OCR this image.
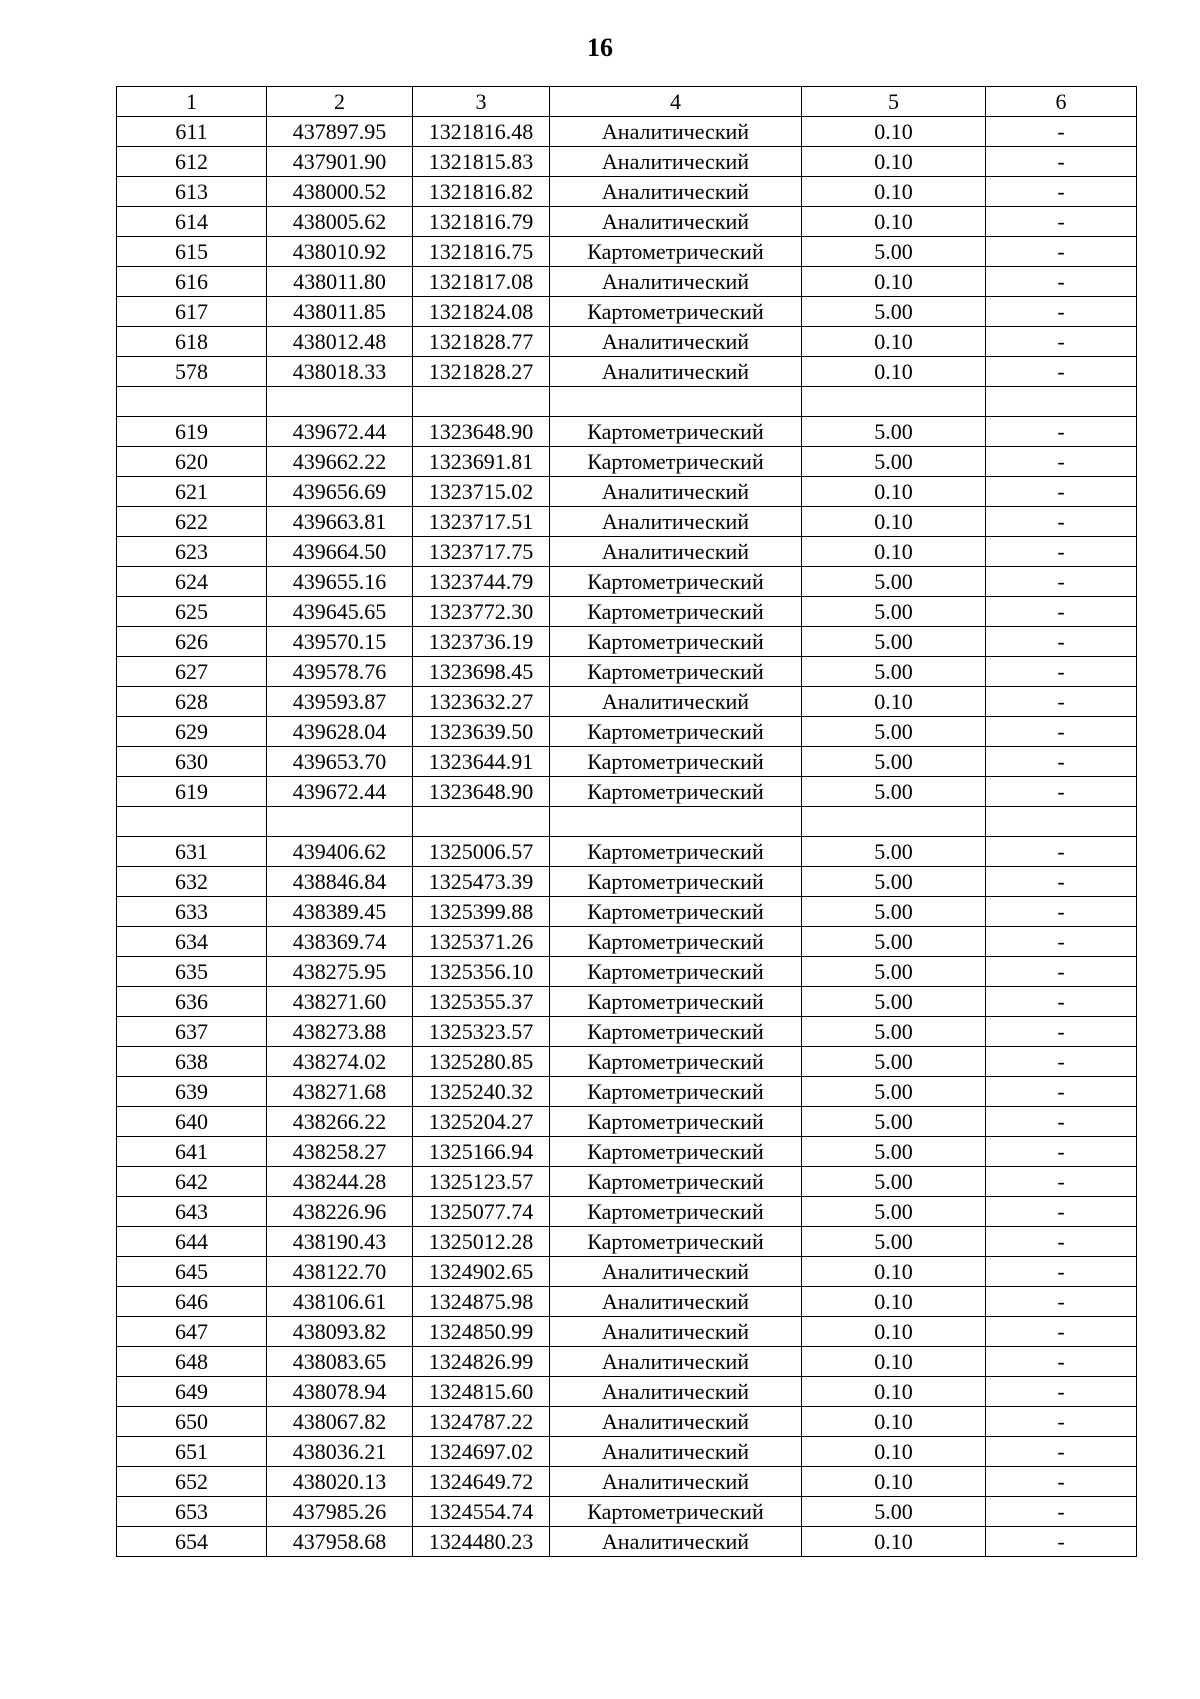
16
1	2	3	4	5	6
611	437897.95	1321816.48	Аналитический	0.10	-
612	437901.90	1321815.83	Аналитический	0.10	-
613	438000.52	1321816.82	Аналитический	0.10	-
614	438005.62	1321816.79	Аналитический	0.10	-
615	438010.92	1321816.75	Картометрический	5.00	-
616	438011.80	1321817.08	Аналитический	0.10	-
617	438011.85	1321824.08	Картометрический	5.00	-
618	438012.48	1321828.77	Аналитический	0.10	-
578	438018.33	1321828.27	Аналитический	0.10	-

619	439672.44	1323648.90	Картометрический	5.00	-
620	439662.22	1323691.81	Картометрический	5.00	-
621	439656.69	1323715.02	Аналитический	0.10	-
622	439663.81	1323717.51	Аналитический	0.10	-
623	439664.50	1323717.75	Аналитический	0.10	-
624	439655.16	1323744.79	Картометрический	5.00	-
625	439645.65	1323772.30	Картометрический	5.00	-
626	439570.15	1323736.19	Картометрический	5.00	-
627	439578.76	1323698.45	Картометрический	5.00	-
628	439593.87	1323632.27	Аналитический	0.10	-
629	439628.04	1323639.50	Картометрический	5.00	-
630	439653.70	1323644.91	Картометрический	5.00	-
619	439672.44	1323648.90	Картометрический	5.00	-

631	439406.62	1325006.57	Картометрический	5.00	-
632	438846.84	1325473.39	Картометрический	5.00	-
633	438389.45	1325399.88	Картометрический	5.00	-
634	438369.74	1325371.26	Картометрический	5.00	-
635	438275.95	1325356.10	Картометрический	5.00	-
636	438271.60	1325355.37	Картометрический	5.00	-
637	438273.88	1325323.57	Картометрический	5.00	-
638	438274.02	1325280.85	Картометрический	5.00	-
639	438271.68	1325240.32	Картометрический	5.00	-
640	438266.22	1325204.27	Картометрический	5.00	-
641	438258.27	1325166.94	Картометрический	5.00	-
642	438244.28	1325123.57	Картометрический	5.00	-
643	438226.96	1325077.74	Картометрический	5.00	-
644	438190.43	1325012.28	Картометрический	5.00	-
645	438122.70	1324902.65	Аналитический	0.10	-
646	438106.61	1324875.98	Аналитический	0.10	-
647	438093.82	1324850.99	Аналитический	0.10	-
648	438083.65	1324826.99	Аналитический	0.10	-
649	438078.94	1324815.60	Аналитический	0.10	-
650	438067.82	1324787.22	Аналитический	0.10	-
651	438036.21	1324697.02	Аналитический	0.10	-
652	438020.13	1324649.72	Аналитический	0.10	-
653	437985.26	1324554.74	Картометрический	5.00	-
654	437958.68	1324480.23	Аналитический	0.10	-
